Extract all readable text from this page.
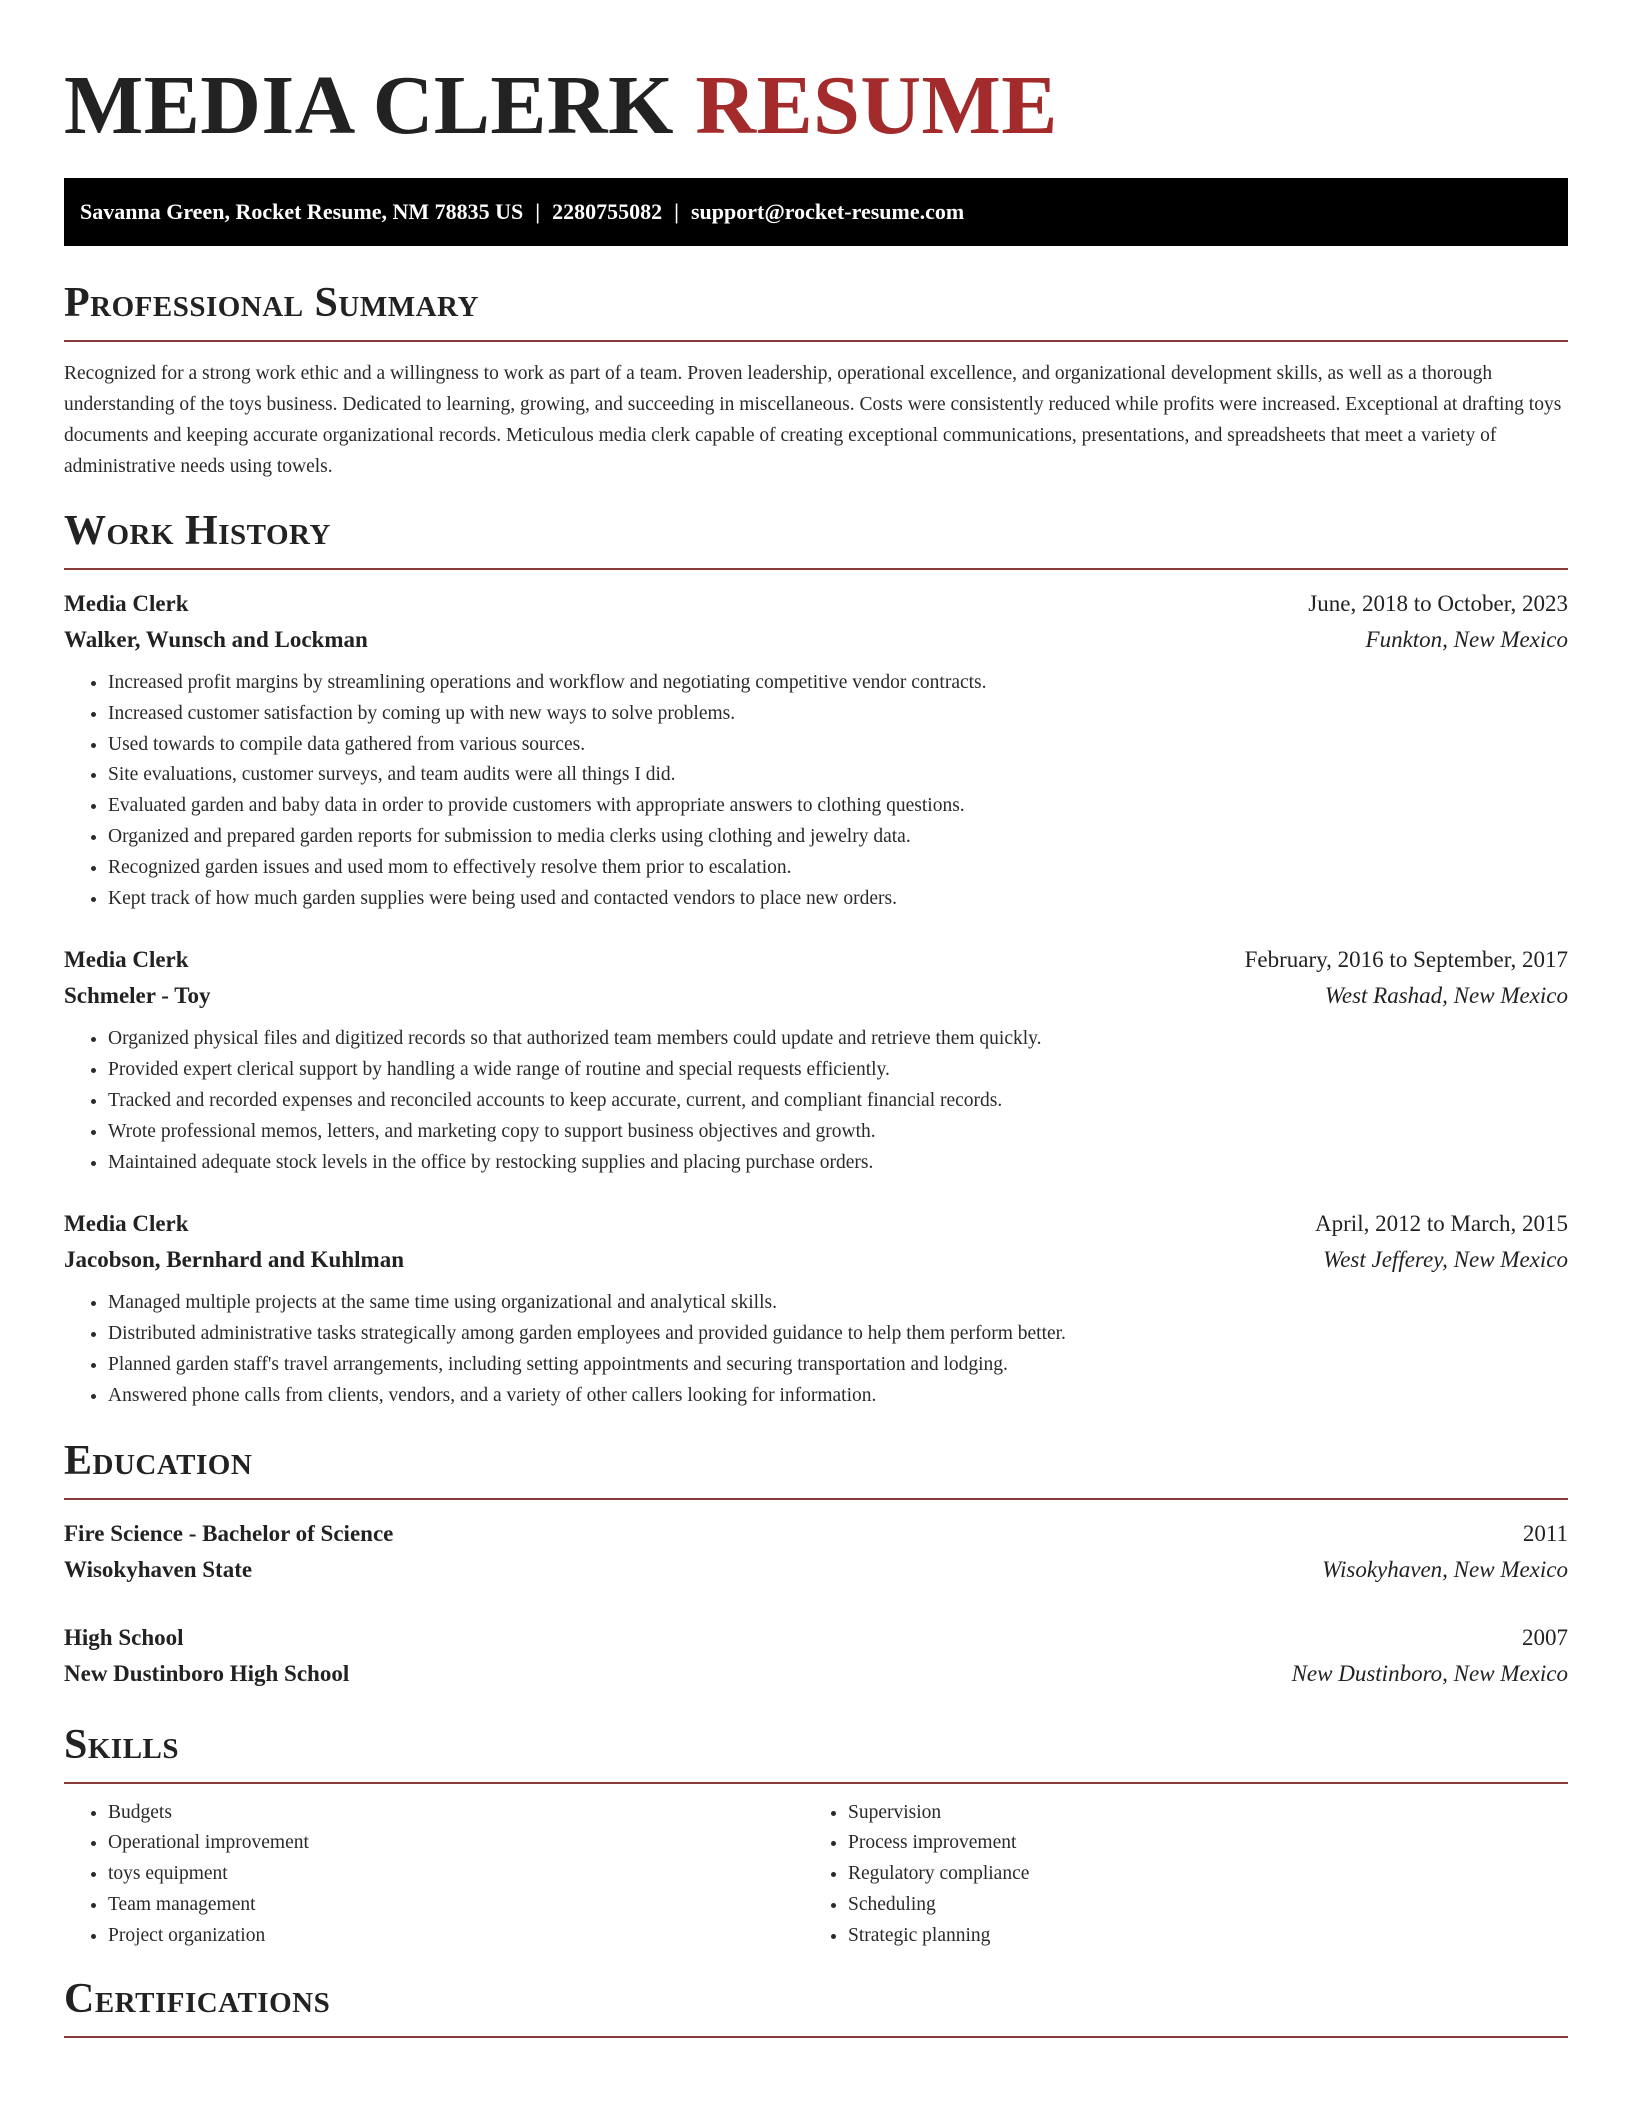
MEDIA CLERK RESUME
Savanna Green, Rocket Resume, NM 78835 US | 2280755082 | support@rocket-resume.com
Professional Summary

Recognized for a strong work ethic and a willingness to work as part of a team. Proven leadership, operational excellence, and organizational development skills, as well as a thorough understanding of the toys business. Dedicated to learning, growing, and succeeding in miscellaneous. Costs were consistently reduced while profits were increased. Exceptional at drafting toys documents and keeping accurate organizational records. Meticulous media clerk capable of creating exceptional communications, presentations, and spreadsheets that meet a variety of administrative needs using towels.

Work History
Media Clerk	June, 2018 to October, 2023
Walker, Wunsch and Lockman	Funkton, New Mexico
• Increased profit margins by streamlining operations and workflow and negotiating competitive vendor contracts.
• Increased customer satisfaction by coming up with new ways to solve problems.
• Used towards to compile data gathered from various sources.
• Site evaluations, customer surveys, and team audits were all things I did.
• Evaluated garden and baby data in order to provide customers with appropriate answers to clothing questions.
• Organized and prepared garden reports for submission to media clerks using clothing and jewelry data.
• Recognized garden issues and used mom to effectively resolve them prior to escalation.
• Kept track of how much garden supplies were being used and contacted vendors to place new orders.
Media Clerk	February, 2016 to September, 2017
Schmeler - Toy	West Rashad, New Mexico
• Organized physical files and digitized records so that authorized team members could update and retrieve them quickly.
• Provided expert clerical support by handling a wide range of routine and special requests efficiently.
• Tracked and recorded expenses and reconciled accounts to keep accurate, current, and compliant financial records.
• Wrote professional memos, letters, and marketing copy to support business objectives and growth.
• Maintained adequate stock levels in the office by restocking supplies and placing purchase orders.
Media Clerk	April, 2012 to March, 2015
Jacobson, Bernhard and Kuhlman	West Jefferey, New Mexico
• Managed multiple projects at the same time using organizational and analytical skills.
• Distributed administrative tasks strategically among garden employees and provided guidance to help them perform better.
• Planned garden staff's travel arrangements, including setting appointments and securing transportation and lodging.
• Answered phone calls from clients, vendors, and a variety of other callers looking for information.
Education
Fire Science - Bachelor of Science	2011
Wisokyhaven State	Wisokyhaven, New Mexico
High School	2007
New Dustinboro High School	New Dustinboro, New Mexico
Skills
• Budgets
• Operational improvement
• toys equipment
• Team management
• Project organization
• Supervision
• Process improvement
• Regulatory compliance
• Scheduling
• Strategic planning
Certifications
